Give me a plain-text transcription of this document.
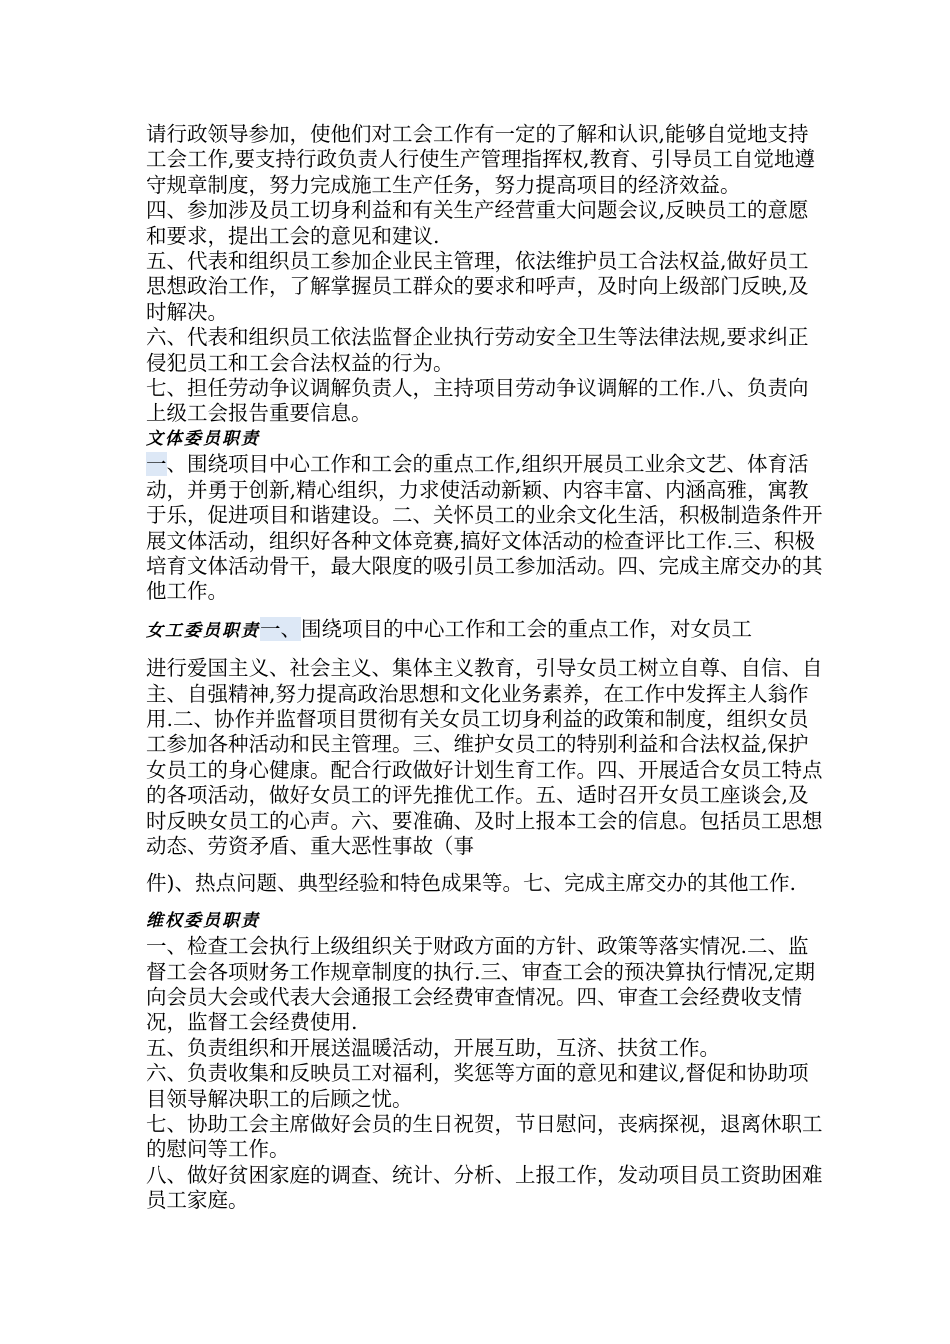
请行政领导参加，使他们对工会工作有一定的了解和认识,能够自觉地支持工会工作,要支持行政负责人行使生产管理指挥权,教育、引导员工自觉地遵守规章制度，努力完成施工生产任务，努力提高项目的经济效益。

四、参加涉及员工切身利益和有关生产经营重大问题会议,反映员工的意愿和要求，提出工会的意见和建议.

五、代表和组织员工参加企业民主管理，依法维护员工合法权益,做好员工思想政治工作，了解掌握员工群众的要求和呼声，及时向上级部门反映,及时解决。

六、代表和组织员工依法监督企业执行劳动安全卫生等法律法规,要求纠正侵犯员工和工会合法权益的行为。

七、担任劳动争议调解负责人，主持项目劳动争议调解的工作.八、负责向上级工会报告重要信息。

文体委员职责

一、围绕项目中心工作和工会的重点工作,组织开展员工业余文艺、体育活动，并勇于创新,精心组织，力求使活动新颖、内容丰富、内涵高雅，寓教于乐，促进项目和谐建设。二、关怀员工的业余文化生活，积极制造条件开展文体活动，组织好各种文体竞赛,搞好文体活动的检查评比工作.三、积极培育文体活动骨干，最大限度的吸引员工参加活动。四、完成主席交办的其他工作。

女工委员职责一、围绕项目的中心工作和工会的重点工作，对女员工

进行爱国主义、社会主义、集体主义教育，引导女员工树立自尊、自信、自主、自强精神,努力提高政治思想和文化业务素养，在工作中发挥主人翁作用.二、协作并监督项目贯彻有关女员工切身利益的政策和制度，组织女员工参加各种活动和民主管理。三、维护女员工的特别利益和合法权益,保护女员工的身心健康。配合行政做好计划生育工作。四、开展适合女员工特点的各项活动，做好女员工的评先推优工作。五、适时召开女员工座谈会,及时反映女员工的心声。六、要准确、及时上报本工会的信息。包括员工思想动态、劳资矛盾、重大恶性事故（事

件)、热点问题、典型经验和特色成果等。七、完成主席交办的其他工作.

维权委员职责

一、检查工会执行上级组织关于财政方面的方针、政策等落实情况.二、监督工会各项财务工作规章制度的执行.三、审查工会的预决算执行情况,定期向会员大会或代表大会通报工会经费审查情况。四、审查工会经费收支情况，监督工会经费使用.

五、负责组织和开展送温暖活动，开展互助，互济、扶贫工作。

六、负责收集和反映员工对福利，奖惩等方面的意见和建议,督促和协助项目领导解决职工的后顾之忧。

七、协助工会主席做好会员的生日祝贺，节日慰问，丧病探视，退离休职工的慰问等工作。

八、做好贫困家庭的调查、统计、分析、上报工作，发动项目员工资助困难员工家庭。
